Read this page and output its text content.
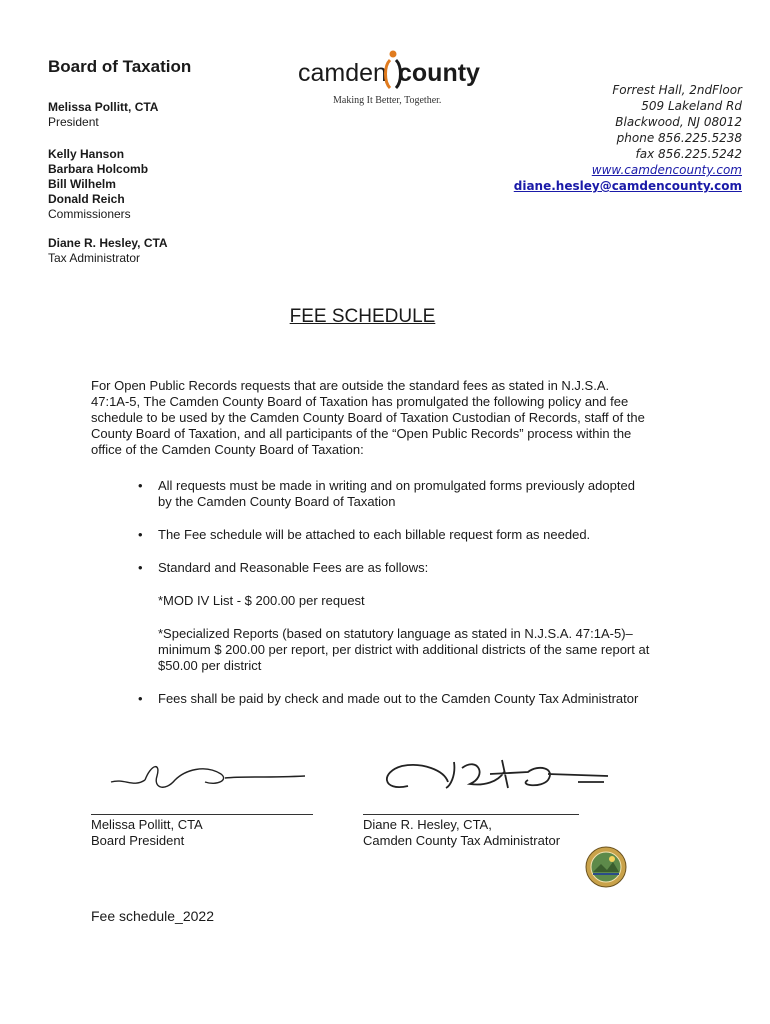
Board of Taxation
Melissa Pollitt, CTA
President
Kelly Hanson
Barbara Holcomb
Bill Wilhelm
Donald Reich
Commissioners
Diane R. Hesley, CTA
Tax Administrator
camden county
Making It Better, Together.
Forrest Hall, 2ndFloor
509 Lakeland Rd
Blackwood, NJ 08012
phone 856.225.5238
fax 856.225.5242
www.camdencounty.com
diane.hesley@camdencounty.com
FEE SCHEDULE
For Open Public Records requests that are outside the standard fees as stated in N.J.S.A. 47:1A-5, The Camden County Board of Taxation has promulgated the following policy and fee schedule to be used by the Camden County Board of Taxation Custodian of Records, staff of the County Board of Taxation, and all participants of the “Open Public Records” process within the office of the Camden County Board of Taxation:
• All requests must be made in writing and on promulgated forms previously adopted by the Camden County Board of Taxation
• The Fee schedule will be attached to each billable request form as needed.
• Standard and Reasonable Fees are as follows:
*MOD IV List - $ 200.00 per request
*Specialized Reports (based on statutory language as stated in N.J.S.A. 47:1A-5)– minimum $ 200.00 per report, per district with additional districts of the same report at $50.00 per district
• Fees shall be paid by check and made out to the Camden County Tax Administrator
Melissa Pollitt, CTA
Board President
Diane R. Hesley, CTA,
Camden County Tax Administrator
Fee schedule_2022
